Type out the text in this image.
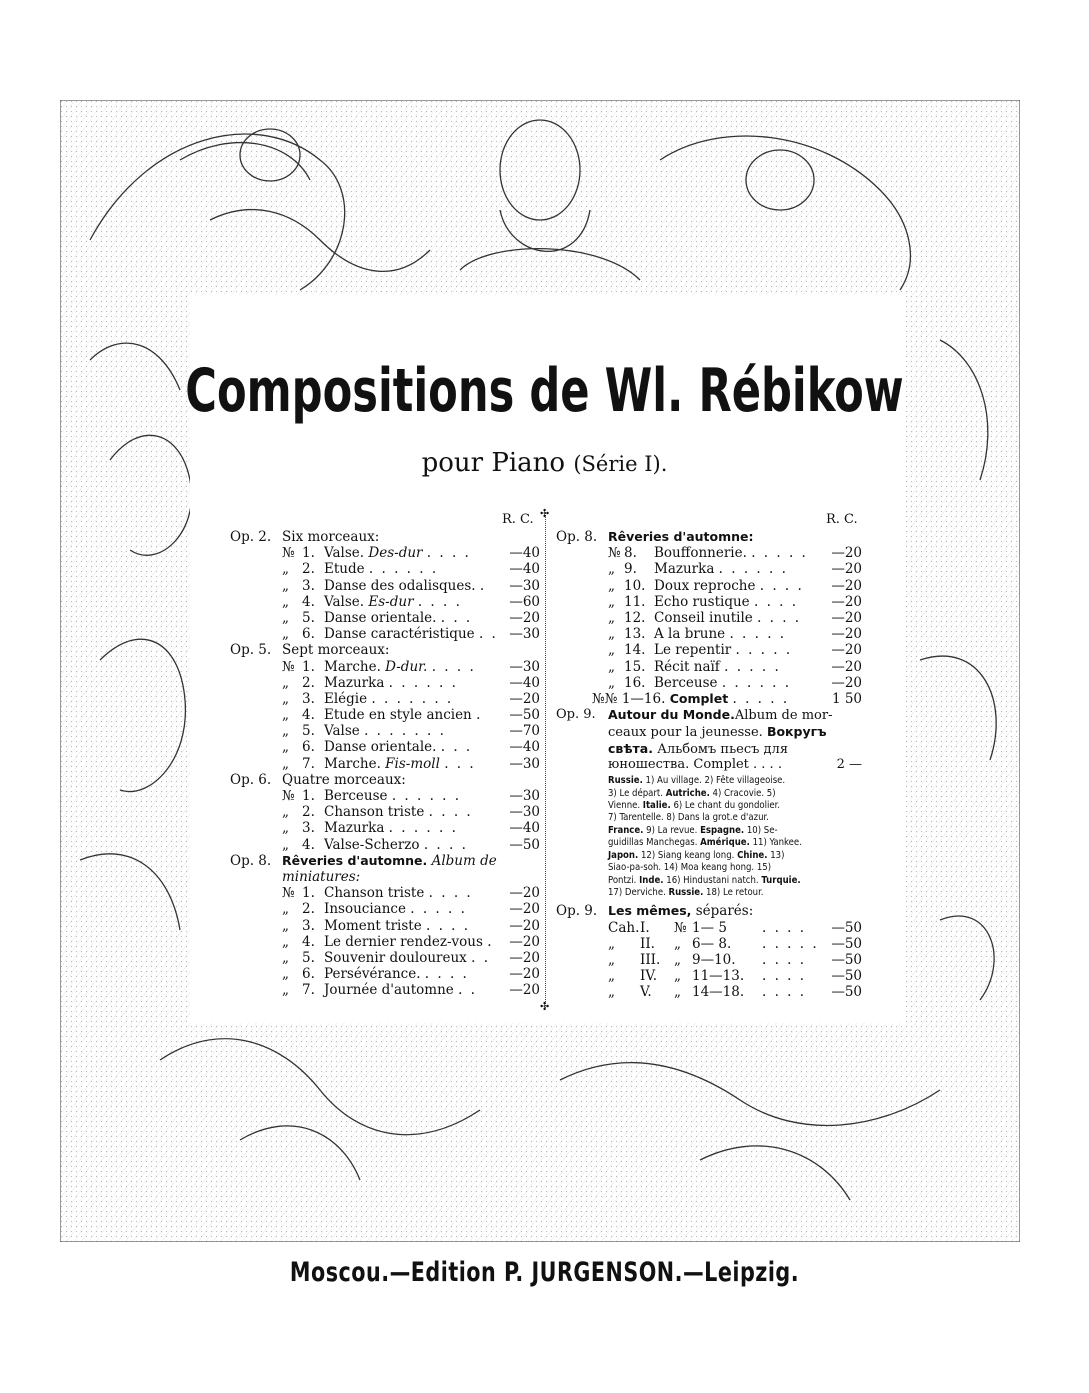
Compositions de Wl. Rébikow

pour Piano (Série I).

R. C.	R. C.
✣
✣
Op. 2. Six morceaux:
№ 1. Valse. Des-dur . . . .	—40
„ 2. Etude . . . . . .	—40
„ 3. Danse des odalisques. . —30
„ 4. Valse. Es-dur . . . .	—60
„ 5. Danse orientale. . . .	—20
„ 6. Danse caractéristique . . —30
Op. 5. Sept morceaux:
№ 1. Marche. D-dur. . . . . —30
„ 2. Mazurka . . . . . .	—40
„ 3. Elégie . . . . . . .	—20
„ 4. Etude en style ancien . —50
„ 5. Valse . . . . . . .	—70
„ 6. Danse orientale. . . .	—40
„ 7. Marche. Fis-moll . . . —30
Op. 6. Quatre morceaux:
№ 1. Berceuse . . . . . .	—30
„ 2. Chanson triste . . . .	—30
„ 3. Mazurka . . . . . .	—40
„ 4. Valse-Scherzo . . . .	—50
Op. 8. Rêveries d'automne. Album de
miniatures:
№ 1. Chanson triste . . . .	—20
„ 2. Insouciance . . . . .	—20
„ 3. Moment triste . . . .	—20
„ 4. Le dernier rendez-vous . —20
„ 5. Souvenir douloureux . . —20
„ 6. Persévérance. . . . .	—20
„ 7. Journée d'automne . . —20
Op. 8. Rêveries d'automne:
№ 8. Bouffonnerie. . . . . . —20
„ 9. Mazurka . . . . . .	—20
„ 10. Doux reproche . . . . —20
„ 11. Echo rustique . . . . —20
„ 12. Conseil inutile . . . . —20
„ 13. A la brune . . . . .	—20
„ 14. Le repentir . . . . .	—20
„ 15. Récit naïf . . . . .	—20
„ 16. Berceuse . . . . . .	—20
№№ 1—16. Complet . . . . .	1 50
Op. 9. Autour du Monde.Album de mor-
ceaux pour la jeunesse. Вокругъ
свѣта. Альбомъ пьесъ для
юношества. Complet . . . .	2 —
Russie. 1) Au village. 2) Fête villageoise.
3) Le départ. Autriche. 4) Cracovie. 5)
Vienne. Italie. 6) Le chant du gondolier.
7) Tarentelle. 8) Dans la grot.e d'azur.
France. 9) La revue. Espagne. 10) Se-
guidillas Manchegas. Amérique. 11) Yankee.
Japon. 12) Siang keang long. Chine. 13)
Siao-pa-soh. 14) Moa keang hong. 15)
Pontzi. Inde. 16) Hindustani natch. Turquie.
17) Derviche. Russie. 18) Le retour.
Op. 9. Les mêmes, séparés:
Cah. I. № 1— 5	. . . . —50
„ II. „ 6— 8. . . . . . —50
„ III. „ 9—10. . . . . —50
„ IV. „ 11—13. . . . . —50
„ V. „ 14—18. . . . . —50
Moscou.—Edition P. JURGENSON.—Leipzig.
